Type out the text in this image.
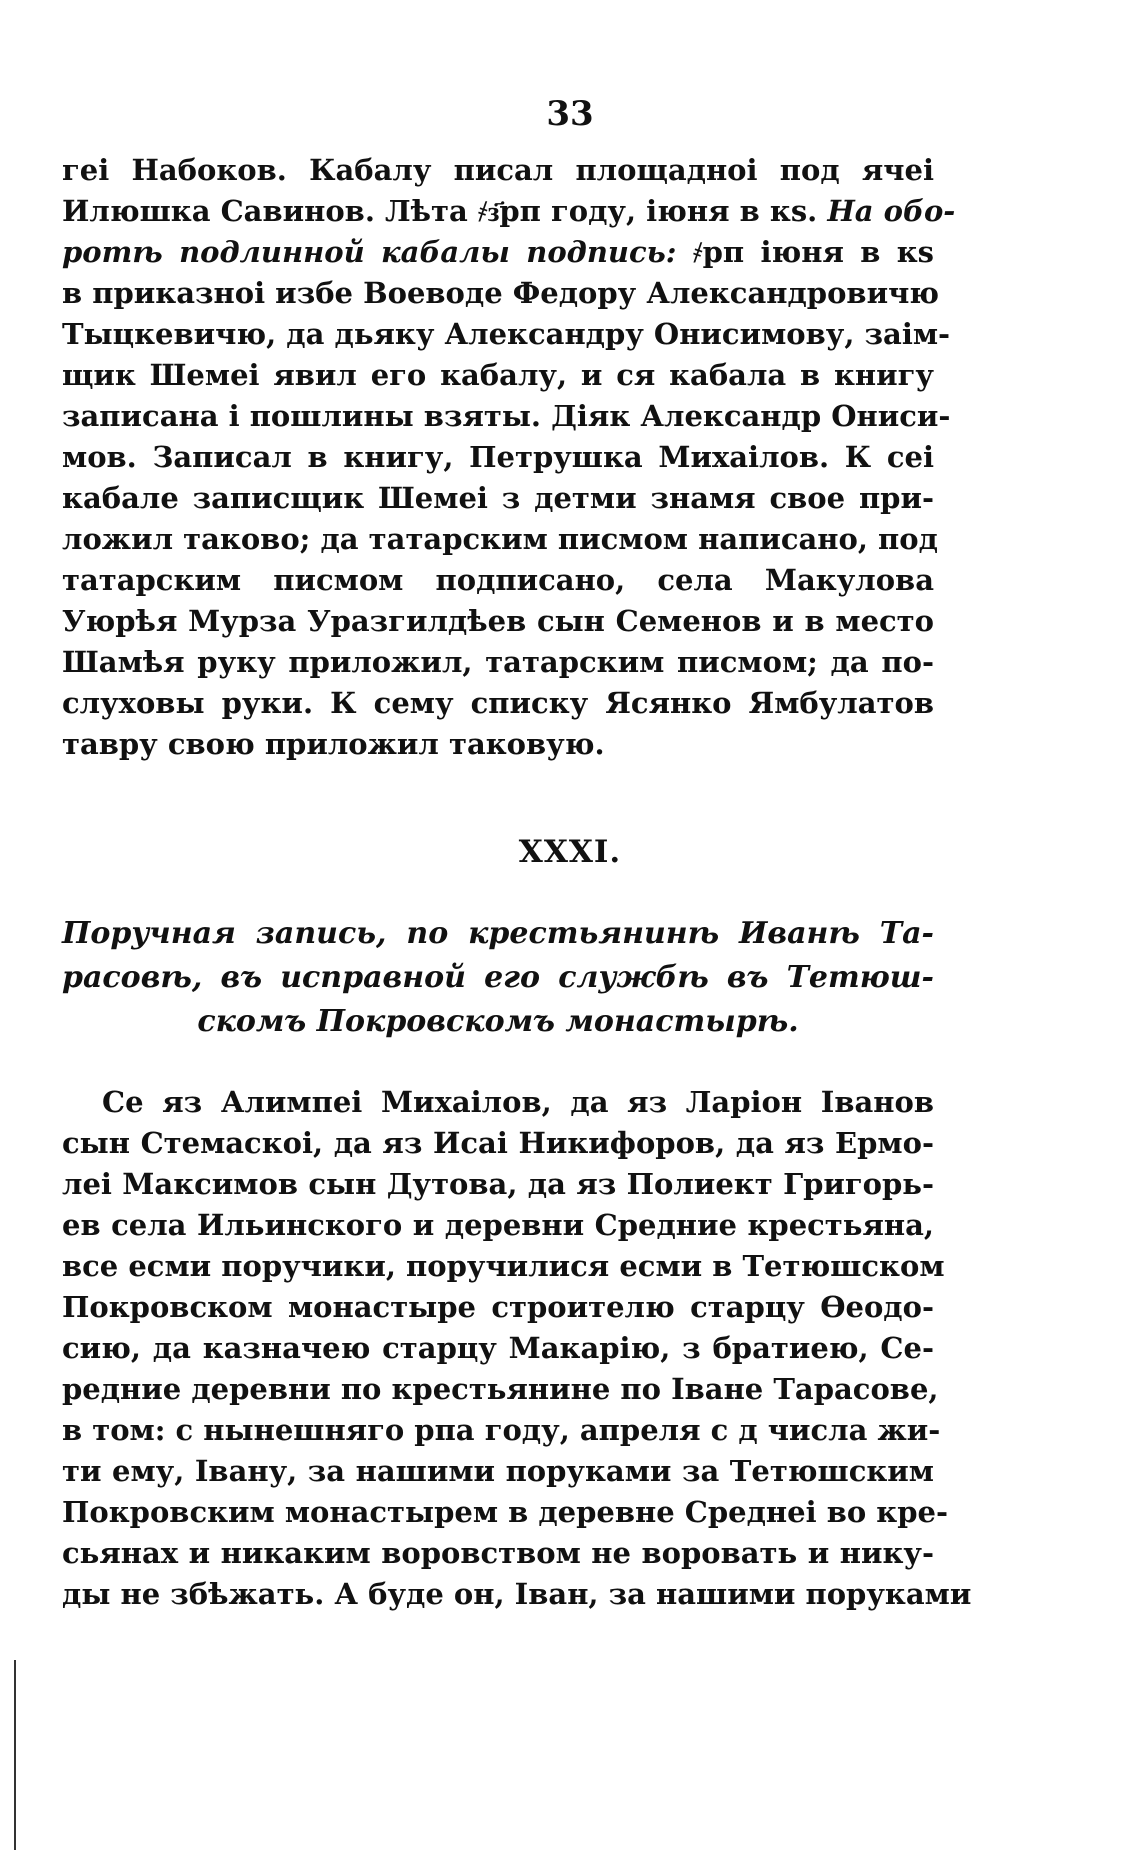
33
геі Набоков. Кабалу писал площадноі под ячеі
Илюшка Савинов. Лѣта ҂з҃рп году, іюня в кѕ. На обо-
ротѣ подлинной кабалы подпись: ҂рп іюня в кѕ
в приказноі избе Воеводе Федору Александровичю
Тыцкевичю, да дьяку Александру Онисимову, заім-
щик Шемеі явил его кабалу, и ся кабала в книгу
записана і пошлины взяты. Діяк Александр Ониси-
мов. Записал в книгу, Петрушка Михаілов. К сеі
кабале записщик Шемеі з детми знамя свое при-
ложил таково; да татарским писмом написано, под
татарским писмом подписано, села Макулова
Уюрѣя Мурза Уразгилдѣев сын Семенов и в место
Шамѣя руку приложил, татарским писмом; да по-
слуховы руки. К сему списку Ясянко Ямбулатов
тавру свою приложил таковую.
XXXI.
Поручная запись, по крестьянинѣ Иванѣ Та-
расовѣ, въ исправной его службѣ въ Тетюш-
скомъ Покровскомъ монастырѣ.
Се яз Алимпеі Михаілов, да яз Ларіон Іванов
сын Стемаскоі, да яз Исаі Никифоров, да яз Ермо-
леі Максимов сын Дутова, да яз Полиект Григорь-
ев села Ильинского и деревни Средние крестьяна,
все есми поручики, поручилися есми в Тетюшском
Покровском монастыре строителю старцу Ѳеодо-
сию, да казначею старцу Макарію, з братиею, Се-
редние деревни по крестьянине по Іване Тарасове,
в том: с нынешняго рпа году, апреля с д числа жи-
ти ему, Івану, за нашими поруками за Тетюшским
Покровским монастырем в деревне Среднеі во кре-
сьянах и никаким воровством не воровать и нику-
ды не збѣжать. А буде он, Іван, за нашими поруками
